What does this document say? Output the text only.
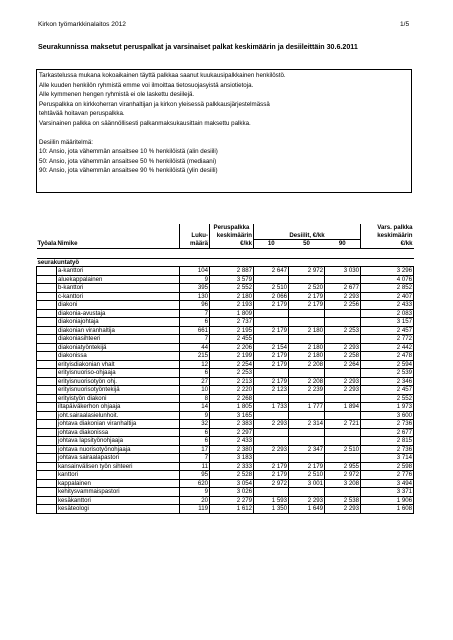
Kirkon työmarkkinalaitos 2012	1/5
Seurakunnissa maksetut peruspalkat ja varsinaiset palkat keskimäärin ja desiileittäin 30.6.2011
Tarkastelussa mukana kokoaikainen täyttä palkkaa saanut kuukausipalkkainen henkilöstö.
Alle kuuden henkilön ryhmistä emme voi ilmoittaa tietosuojasyistä ansiotietoja.
Alle kymmenen hengen ryhmistä ei ole laskettu desiilejä.
Peruspalkka on kirkkoherran viranhaltijan ja kirkon yleisessä palkkausjärjestelmässä
tehtävää hoitavan peruspalkka.
Varsinainen palkka on säännöllisesti palkanmaksukausittain maksettu palkka.
Desiilin määritelmä:
10: Ansio, jota vähemmän ansaitsee 10 % henkilöistä (alin desiili)
50: Ansio, jota vähemmän ansaitsee 50 % henkilöistä (mediaani)
90: Ansio, jota vähemmän ansaitsee 90 % henkilöistä (ylin desiili)
			Peruspalkka				Vars. palkka
		Luku-	keskimäärin	Desiilit, €/kk			keskimäärin
Työala	Nimike	määrä	€/kk	10	50	90	€/kk

seurakuntatyö							
	a-kanttori	104	2 887	2 647	2 972	3 030	3 296
	aluekappalainen	9	3 579				4 076
	b-kanttori	395	2 552	2 510	2 520	2 677	2 852
	c-kanttori	130	2 180	2 066	2 179	2 293	2 407
	diakoni	96	2 193	2 179	2 179	2 256	2 433
	diakonia-avustaja	7	1 809				2 083
	diakoniajohtaja	6	2 737				3 157
	diakonian viranhaltija	661	2 195	2 179	2 180	2 253	2 457
	diakoniasihteeri	7	2 455				2 772
	diakoniatyöntekijä	44	2 206	2 154	2 180	2 293	2 442
	diakonissa	215	2 199	2 179	2 180	2 258	2 478
	erityisdiakonian vhalt	12	2 254	2 179	2 208	2 264	2 594
	erityisnuoriso-ohjaaja	6	2 253				2 539
	erityisnuorisotyön ohj.	27	2 213	2 179	2 208	2 293	2 346
	erityisnuorisotyöntekijä	10	2 220	2 123	2 239	2 293	2 457
	erityistyön diakoni	8	2 268				2 552
	iltapäiväkerhon ohjaaja	14	1 805	1 733	1 777	1 894	1 973
	joht.sairaalasielunhoit.	9	3 165				3 600
	johtava diakonian viranhaltija	32	2 383	2 293	2 314	2 721	2 736
	johtava diakonissa	6	2 297				2 677
	johtava lapsityönohjaaja	6	2 433				2 815
	johtava nuorisotyönohjaaja	17	2 380	2 293	2 347	2 510	2 736
	johtava sairaalapastori	7	3 183				3 714
	kansainvälisen työn sihteeri	11	2 333	2 179	2 179	2 955	2 598
	kanttori	95	2 528	2 179	2 510	2 972	2 776
	kappalainen	620	3 054	2 972	3 001	3 208	3 494
	kehitysvammaispastori	9	3 026				3 371
	kesäkanttori	20	2 279	1 593	2 293	2 538	1 906
	kesäteologi	119	1 612	1 350	1 649	2 293	1 608
